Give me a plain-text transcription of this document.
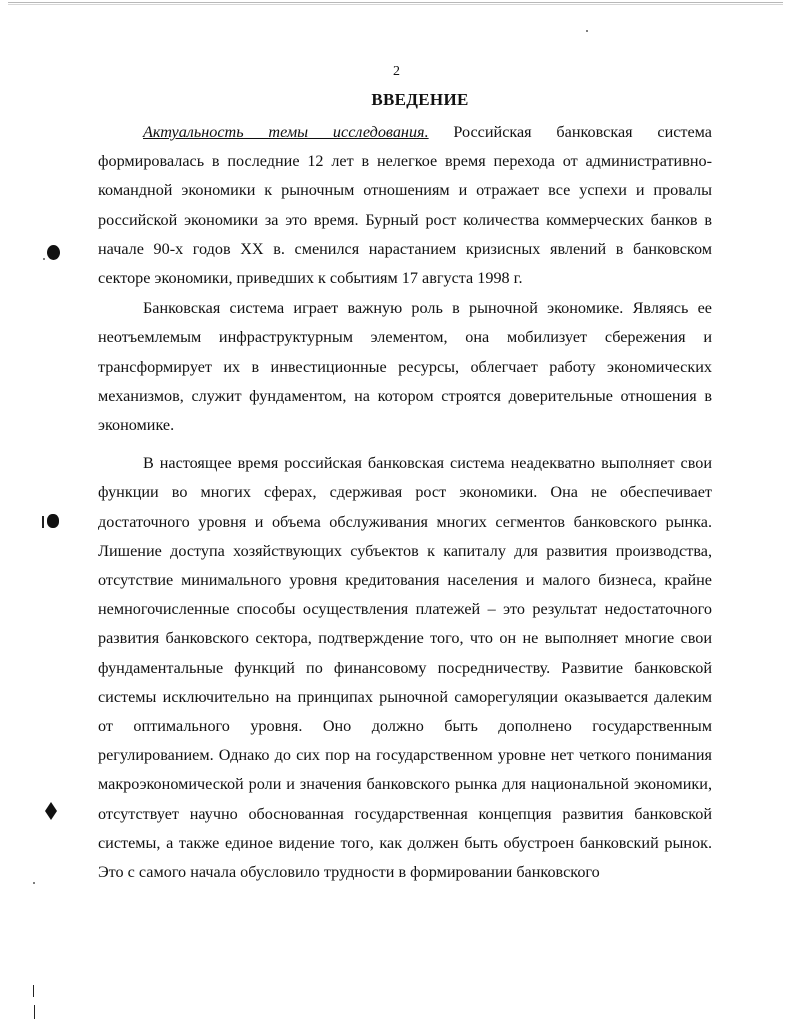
2
ВВЕДЕНИЕ

Актуальность темы исследования. Российская банковская система формировалась в последние 12 лет в нелегкое время перехода от административно-командной экономики к рыночным отношениям и отражает все успехи и провалы российской экономики за это время. Бурный рост количества коммерческих банков в начале 90-х годов XX в. сменился нарастанием кризисных явлений в банковском секторе экономики, приведших к событиям 17 августа 1998 г.

Банковская система играет важную роль в рыночной экономике. Являясь ее неотъемлемым инфраструктурным элементом, она мобилизует сбережения и трансформирует их в инвестиционные ресурсы, облегчает работу экономических механизмов, служит фундаментом, на котором строятся доверительные отношения в экономике.

В настоящее время российская банковская система неадекватно выполняет свои функции во многих сферах, сдерживая рост экономики. Она не обеспечивает достаточного уровня и объема обслуживания многих сегментов банковского рынка. Лишение доступа хозяйствующих субъектов к капиталу для развития производства, отсутствие минимального уровня кредитования населения и малого бизнеса, крайне немногочисленные способы осуществления платежей – это результат недостаточного развития банковского сектора, подтверждение того, что он не выполняет многие свои фундаментальные функций по финансовому посредничеству. Развитие банковской системы исключительно на принципах рыночной саморегуляции оказывается далеким от оптимального уровня. Оно должно быть дополнено государственным регулированием. Однако до сих пор на государственном уровне нет четкого понимания макроэкономической роли и значения банковского рынка для национальной экономики, отсутствует научно обоснованная государственная концепция развития банковской системы, а также единое видение того, как должен быть обустроен банковский рынок. Это с самого начала обусловило трудности в формировании банковского
